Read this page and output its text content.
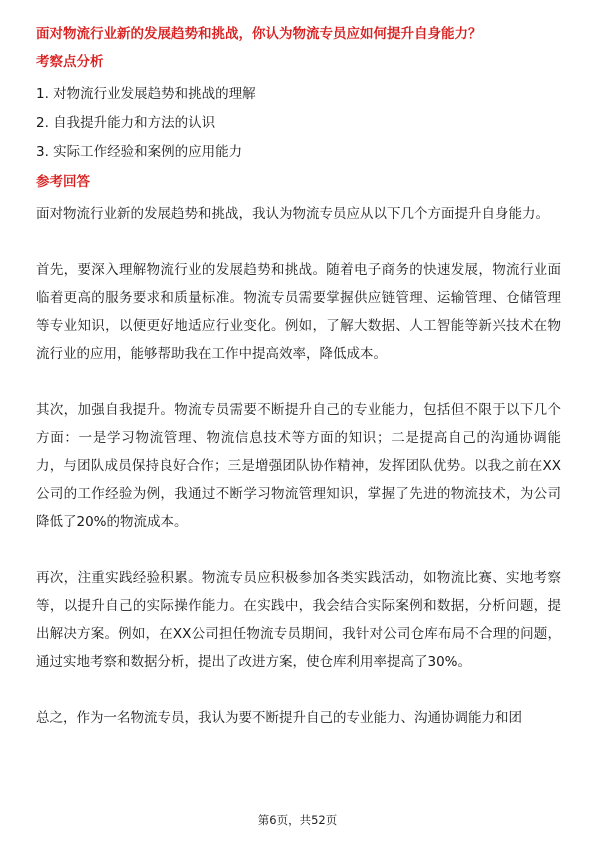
面对物流行业新的发展趋势和挑战，你认为物流专员应如何提升自身能力？
考察点分析
1. 对物流行业发展趋势和挑战的理解
2. 自我提升能力和方法的认识
3. 实际工作经验和案例的应用能力
参考回答

面对物流行业新的发展趋势和挑战，我认为物流专员应从以下几个方面提升自身能力。

首先，要深入理解物流行业的发展趋势和挑战。随着电子商务的快速发展，物流行业面临着更高的服务要求和质量标准。物流专员需要掌握供应链管理、运输管理、仓储管理等专业知识，以便更好地适应行业变化。例如，了解大数据、人工智能等新兴技术在物流行业的应用，能够帮助我在工作中提高效率，降低成本。

其次，加强自我提升。物流专员需要不断提升自己的专业能力，包括但不限于以下几个方面：一是学习物流管理、物流信息技术等方面的知识；二是提高自己的沟通协调能力，与团队成员保持良好合作；三是增强团队协作精神，发挥团队优势。以我之前在XX公司的工作经验为例，我通过不断学习物流管理知识，掌握了先进的物流技术，为公司降低了20%的物流成本。

再次，注重实践经验积累。物流专员应积极参加各类实践活动，如物流比赛、实地考察等，以提升自己的实际操作能力。在实践中，我会结合实际案例和数据，分析问题，提出解决方案。例如，在XX公司担任物流专员期间，我针对公司仓库布局不合理的问题，通过实地考察和数据分析，提出了改进方案，使仓库利用率提高了30%。

总之，作为一名物流专员，我认为要不断提升自己的专业能力、沟通协调能力和团

第6页，共52页
